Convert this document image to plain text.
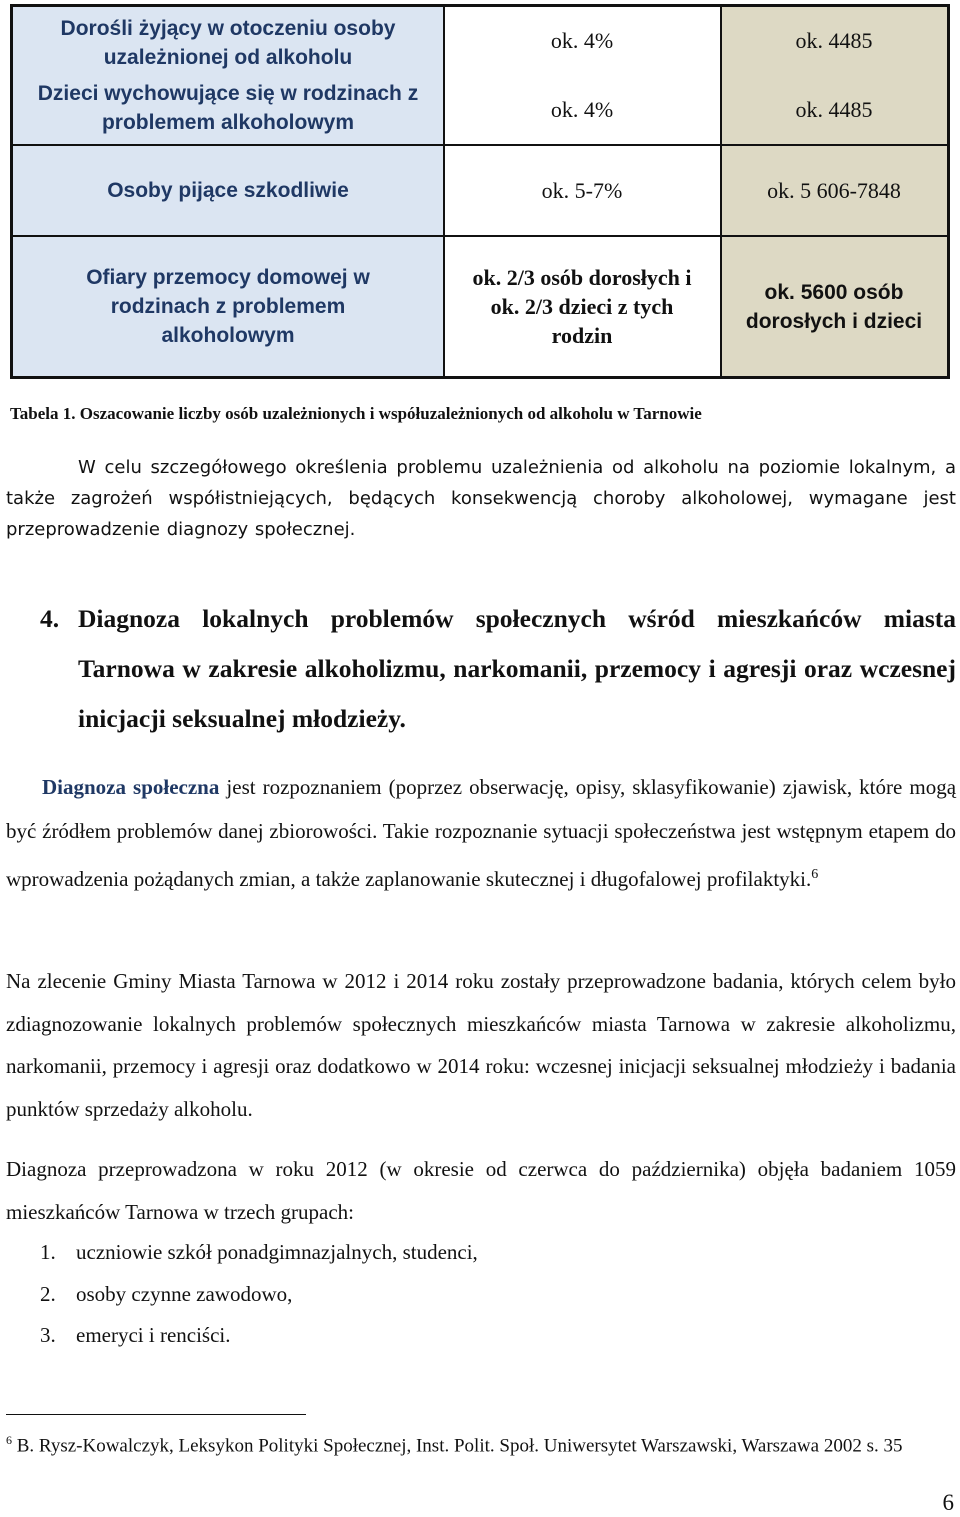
Dorośli żyjący w otoczeniu osoby uzależnionej od alkoholu
Dzieci wychowujące się w rodzinach z problemem alkoholowym
ok. 4%
ok. 4%
ok. 4485
ok. 4485
Osoby pijące szkodliwie	ok. 5-7%	ok. 5 606-7848
Ofiary przemocy domowej w rodzinach z problemem alkoholowym
ok. 2/3 osób dorosłych i ok. 2/3 dzieci z tych rodzin
ok. 5600 osób dorosłych i dzieci
Tabela 1. Oszacowanie liczby osób uzależnionych i współuzależnionych od alkoholu w Tarnowie
W celu szczegółowego określenia problemu uzależnienia od alkoholu na poziomie lokalnym, a także zagrożeń współistniejących, będących konsekwencją choroby alkoholowej, wymagane jest przeprowadzenie diagnozy społecznej.
4. Diagnoza lokalnych problemów społecznych wśród mieszkańców miasta Tarnowa w zakresie alkoholizmu, narkomanii, przemocy i agresji oraz wczesnej inicjacji seksualnej młodzieży.
Diagnoza społeczna jest rozpoznaniem (poprzez obserwację, opisy, sklasyfikowanie) zjawisk, które mogą być źródłem problemów danej zbiorowości. Takie rozpoznanie sytuacji społeczeństwa jest wstępnym etapem do wprowadzenia pożądanych zmian, a także zaplanowanie skutecznej i długofalowej profilaktyki.$^6$
Na zlecenie Gminy Miasta Tarnowa w 2012 i 2014 roku zostały przeprowadzone badania, których celem było zdiagnozowanie lokalnych problemów społecznych mieszkańców miasta Tarnowa w zakresie alkoholizmu, narkomanii, przemocy i agresji oraz dodatkowo w 2014 roku: wczesnej inicjacji seksualnej młodzieży i badania punktów sprzedaży alkoholu.
Diagnoza przeprowadzona w roku 2012 (w okresie od czerwca do października) objęła badaniem 1059 mieszkańców Tarnowa w trzech grupach:
1. uczniowie szkół ponadgimnazjalnych, studenci,
2. osoby czynne zawodowo,
3. emeryci i renciści.
$^6$ B. Rysz-Kowalczyk, Leksykon Polityki Społecznej, Inst. Polit. Społ. Uniwersytet Warszawski, Warszawa 2002 s. 35
6
